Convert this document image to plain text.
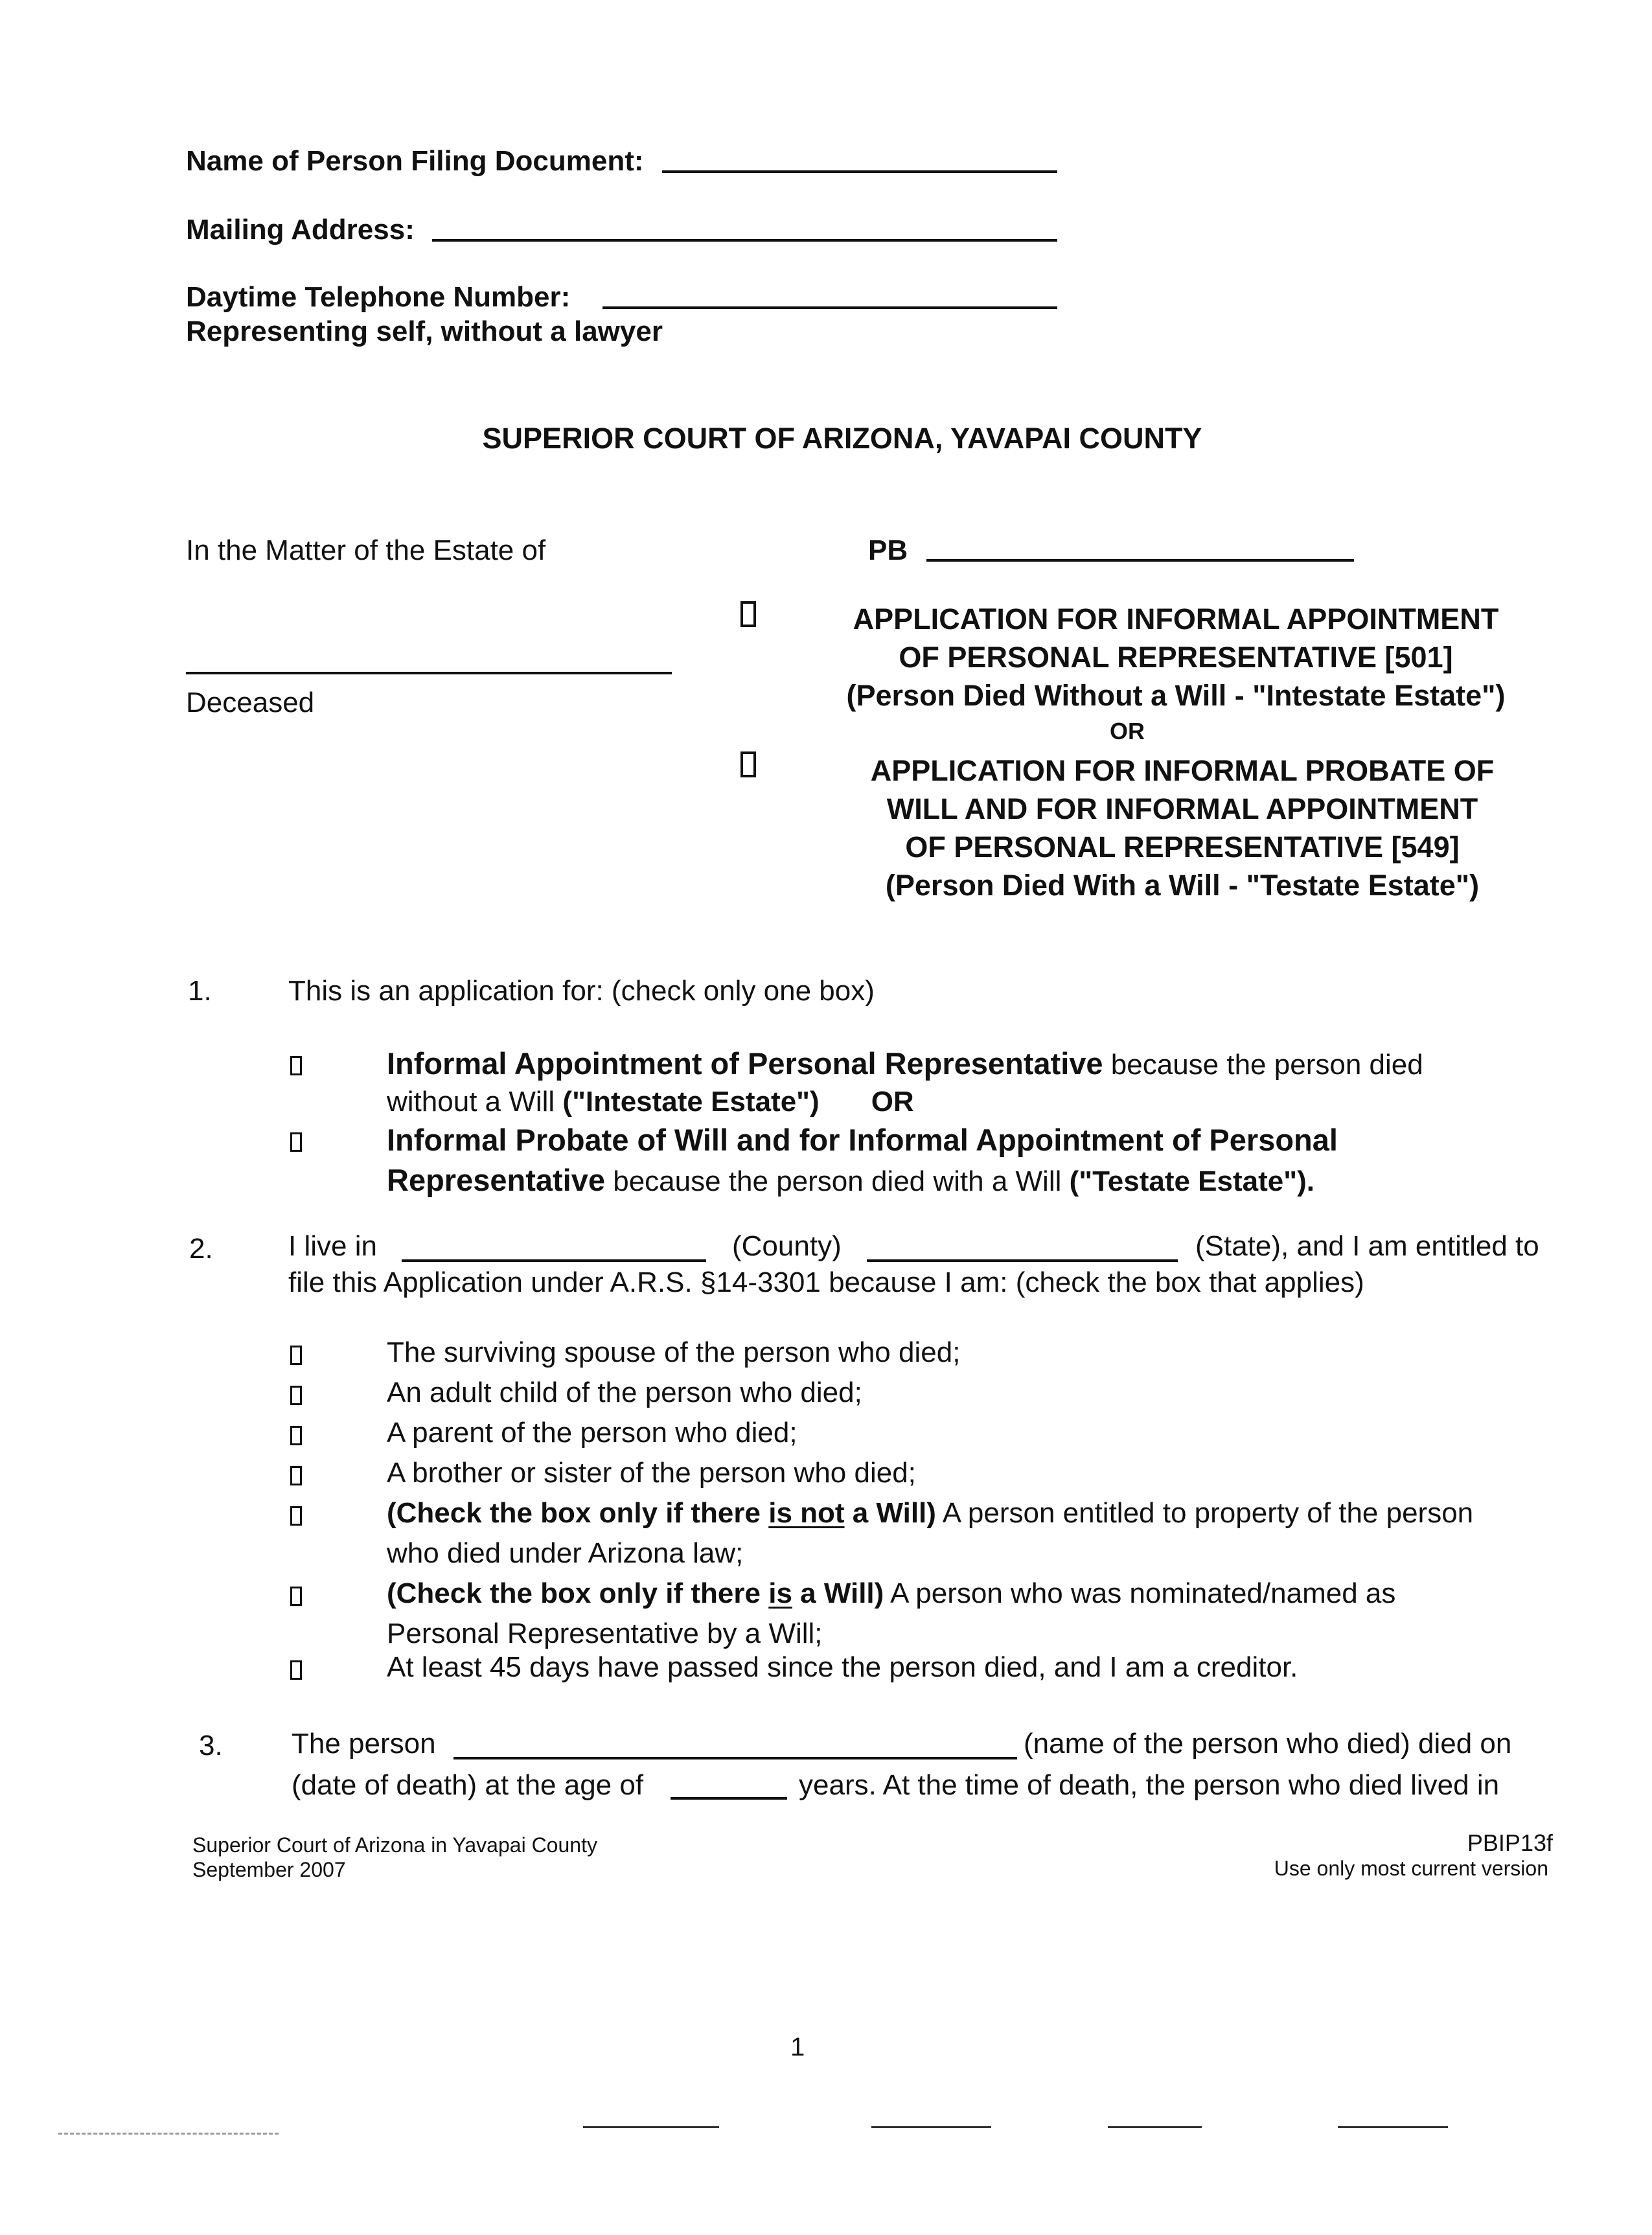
Name of Person Filing Document:
Mailing Address:
Daytime Telephone Number:
Representing self, without a lawyer
SUPERIOR COURT OF ARIZONA, YAVAPAI COUNTY
In the Matter of the Estate of
Deceased
PB
APPLICATION FOR INFORMAL APPOINTMENT
OF PERSONAL REPRESENTATIVE [501]
(Person Died Without a Will - "Intestate Estate")
OR
APPLICATION FOR INFORMAL PROBATE OF
WILL AND FOR INFORMAL APPOINTMENT
OF PERSONAL REPRESENTATIVE [549]
(Person Died With a Will - "Testate Estate")
1.	This is an application for: (check only one box)
Informal Appointment of Personal Representative because the person died
without a Will ("Intestate Estate") OR
Informal Probate of Will and for Informal Appointment of Personal
Representative because the person died with a Will ("Testate Estate").
2.	I live in	(County)	(State), and I am entitled to
file this Application under A.R.S. §14-3301 because I am: (check the box that applies)
The surviving spouse of the person who died;
An adult child of the person who died;
A parent of the person who died;
A brother or sister of the person who died;
(Check the box only if there is not a Will) A person entitled to property of the person
who died under Arizona law;
(Check the box only if there is a Will) A person who was nominated/named as
Personal Representative by a Will;
At least 45 days have passed since the person died, and I am a creditor.
3. The person	(name of the person who died) died on
(date of death) at the age of	years. At the time of death, the person who died lived in
Superior Court of Arizona in Yavapai County
September 2007
PBIP13f
Use only most current version
1
